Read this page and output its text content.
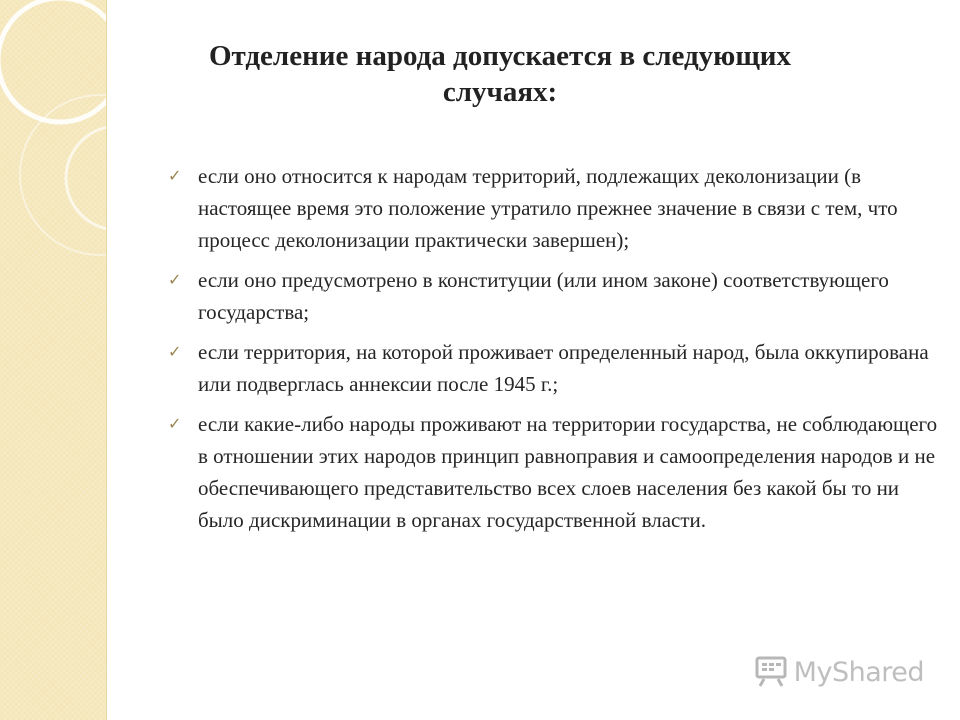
Отделение народа допускается в следующих случаях:
✓ если оно относится к народам территорий, подлежащих деколонизации (в настоящее время это положение утратило прежнее значение в связи с тем, что процесс деколонизации практически завершен);
✓ если оно предусмотрено в конституции (или ином законе) соответствующего государства;
✓ если территория, на которой проживает определенный народ, была оккупирована или подверглась аннексии после 1945 г.;
✓ если какие-либо народы проживают на территории государства, не соблюдающего в отношении этих народов принцип равноправия и самоопределения народов и не обеспечивающего представительство всех слоев населения без какой бы то ни было дискриминации в органах государственной власти.
MyShared
